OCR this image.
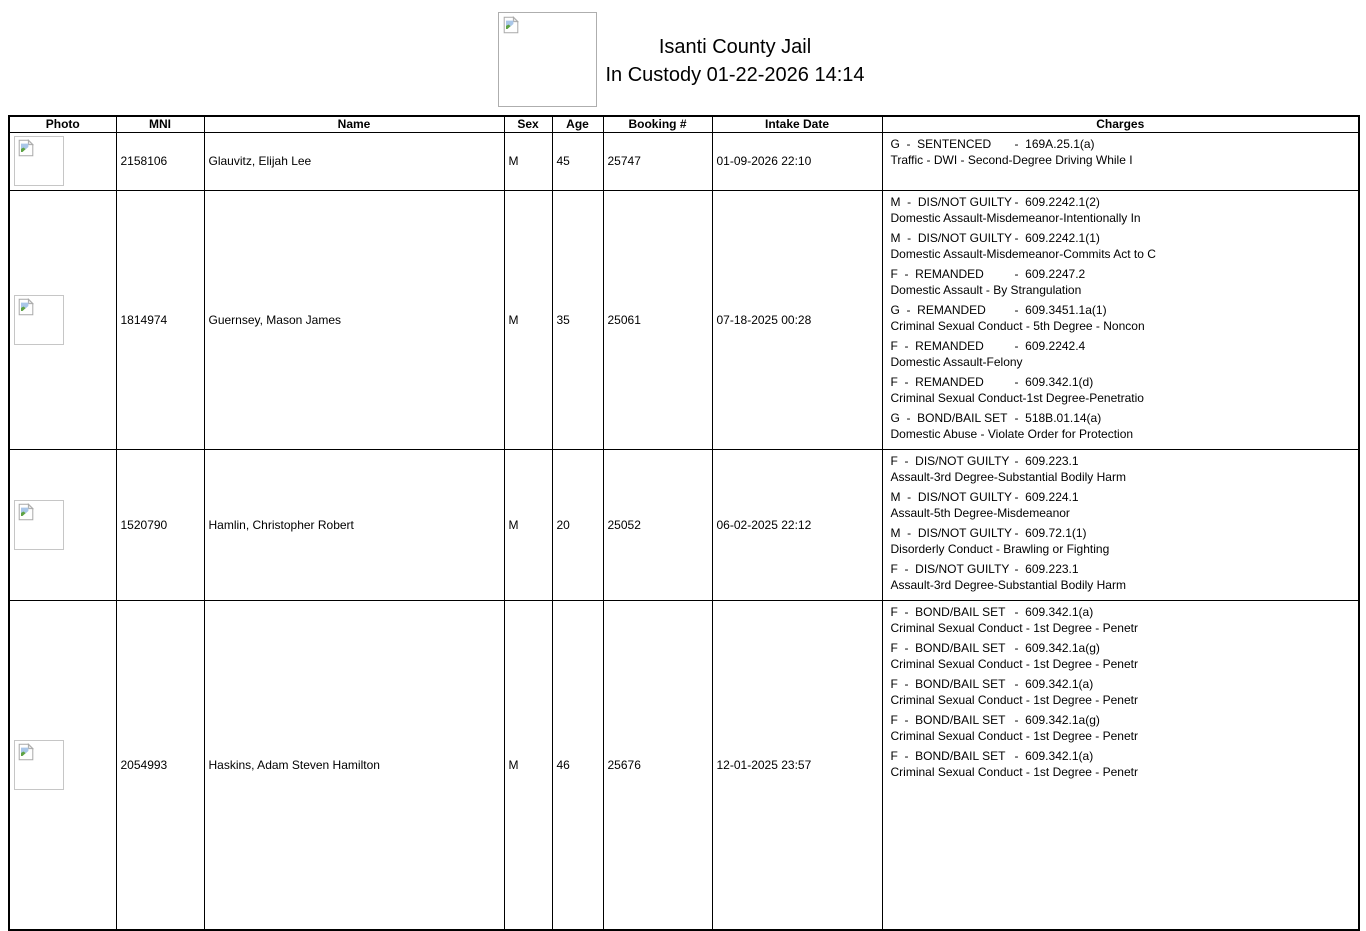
Isanti County Jail
In Custody 01-22-2026 14:14
Photo	MNI	Name	Sex	Age	Booking #	Intake Date	Charges

	2158106	Glauvitz, Elijah Lee	M	45	25747	01-09-2026 22:10	G  -  SENTENCED -  169A.25.1(a)
Traffic - DWI - Second-Degree Driving While I

	1814974	Guernsey, Mason James	M	35	25061	07-18-2025 00:28	
M  -  DIS/NOT GUILTY -  609.2242.1(2)
Domestic Assault-Misdemeanor-Intentionally In
M  -  DIS/NOT GUILTY -  609.2242.1(1)
Domestic Assault-Misdemeanor-Commits Act to C
F  -  REMANDED	-  609.2247.2
Domestic Assault - By Strangulation
G  -  REMANDED -  609.3451.1a(1)
Criminal Sexual Conduct - 5th Degree - Noncon
F  -  REMANDED	-  609.2242.4
Domestic Assault-Felony
F  -  REMANDED	-  609.342.1(d)
Criminal Sexual Conduct-1st Degree-Penetratio
G  -  BOND/BAIL SET -  518B.01.14(a)
Domestic Abuse - Violate Order for Protection

	1520790	Hamlin, Christopher Robert	M	20	25052	06-02-2025 22:12	
F  -  DIS/NOT GUILTY -  609.223.1
Assault-3rd Degree-Substantial Bodily Harm
M  -  DIS/NOT GUILTY -  609.224.1
Assault-5th Degree-Misdemeanor
M  -  DIS/NOT GUILTY -  609.72.1(1)
Disorderly Conduct - Brawling or Fighting
F  -  DIS/NOT GUILTY -  609.223.1
Assault-3rd Degree-Substantial Bodily Harm

	2054993	Haskins, Adam Steven Hamilton	M	46	25676	12-01-2025 23:57	
F  -  BOND/BAIL SET -  609.342.1(a)
Criminal Sexual Conduct - 1st Degree - Penetr
F  -  BOND/BAIL SET -  609.342.1a(g)
Criminal Sexual Conduct - 1st Degree - Penetr
F  -  BOND/BAIL SET -  609.342.1(a)
Criminal Sexual Conduct - 1st Degree - Penetr
F  -  BOND/BAIL SET -  609.342.1a(g)
Criminal Sexual Conduct - 1st Degree - Penetr
F  -  BOND/BAIL SET -  609.342.1(a)
Criminal Sexual Conduct - 1st Degree - Penetr
